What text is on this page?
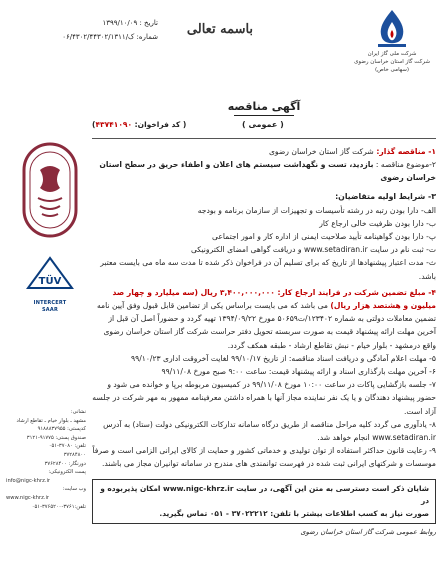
تاریخ : ۱۳۹۹/۱۰/۰۹
شماره: ک/۰۶/۴۳۰۲/۴۴۳۰۲/۱۳۱۱	باسمه تعالی
شرکت ملی گاز ایران
شرکت گاز استان خراسان رضوی
(سهامی خاص)
TÜV
INTERCERT
SAAR
نشانی:
مشهد ـ بلوار خیام ـ تقاطع ارشاد
کدپستی: ۹۱۸۸۸۳۷۹۵۵
صندوق پستی: ۹۱۷۷۵-۳۱۲۱
تلفن: ۳۷۰۸۰-۰۵۱
۳۷۲۸۴۸۰۰
دورنگار: ۳۷۶۲۸۴۰۰
پست الکترونیکی:
info@nigc-khrz.ir
وب سایت:
www.nigc-khrz.ir
تلفن:۳۷۶۱-۳۷۶۵۲۰۰-۰۵۱
آگهی مناقصه
( عمومی )
( کد فراخوان: ۴۳۷۴۱۰۹۰)
۱- مناقصه گذار: شرکت گاز استان خراسان رضوی
۲-موضوع مناقصه : بازدید، تست و نگهداشت سیستم های اعلان و اطفاء حریق در سطح استان خراسان رضوی
۳- شرایط اولیه متقاضیان:
الف- دارا بودن رتبه در رشته تأسیسات و تجهیزات از سازمان برنامه و بودجه
ب- دارا بودن ظرفیت خالی ارجاع کار
پ- دارا بودن گواهینامه تأیید صلاحیت ایمنی از اداره کار و امور اجتماعی
ت- ثبت نام در سایت www.setadiran.ir و دریافت گواهی امضای الکترونیکی
ث- مدت اعتبار پیشنهادها از تاریخ که برای تسلیم آن در فراخوان ذکر شده تا مدت سه ماه می بایست معتبر باشد.
۴- مبلغ تضمین شرکت در فرایند ارجاع کار: ۳,۴۰۰,۰۰۰,۰۰۰ ریال (سه میلیارد و چهار صد میلیون و هشتصد هزار ریال) می باشد که می بایست براساس یکی از تضامین قابل قبول وفق آیین نامه تضمین معاملات دولتی به شماره ۱۲۳۴۰۲/ت۵۰۶۵۹ مورخ ۱۳۹۴/۰۹/۲۲ تهیه گردد و حضوراً اصل آن قبل از آخرین مهلت ارائه پیشنهاد قیمت به صورت سربسته تحویل دفتر حراست شرکت گاز استان خراسان رضوی واقع درمشهد - بلوار خیام - نبش تقاطع ارشاد - طبقه همکف گردد.
۵- مهلت اعلام آمادگی و دریافت اسناد مناقصه: از تاریخ ۹۹/۱۰/۱۷ لغایت آخروقت اداری ۹۹/۱۰/۲۳
۶- آخرین مهلت بارگذاری اسناد و ارائه پیشنهاد قیمت: ساعت ۹:۰۰ صبح مورخ ۹۹/۱۱/۰۸
۷- جلسه بازگشایی پاکات در ساعت ۱۰:۰۰ مورخ ۹۹/۱۱/۰۸ در کمیسیون مربوطه برپا و خوانده می شود و حضور پیشنهاد دهندگان و یا یک نفر نماینده مجاز آنها با همراه داشتن معرفینامه ممهور به مهر شرکت در جلسه آزاد است.
۸- یادآوری می گردد کلیه مراحل مناقصه از طریق درگاه سامانه تدارکات الکترونیکی دولت (ستاد) به آدرس www.setadiran.ir انجام خواهد شد.
۹- رعایت قانون حداکثر استفاده از توان تولیدی و خدماتی کشور و حمایت از کالای ایرانی الزامی است و صرفاً موسسات و شرکتهای ایرانی ثبت شده در فهرست توانمندی های مندرج در سامانه توانیران مجاز می باشند.
شایان ذکر است دسترسی به متن این آگهی، در سایت www.nigc-khrz.ir امکان پذیربوده و در
صورت نیاز به کسب اطلاعات بیشتر با تلفن: ۳۷۰۲۲۲۱۲ - ۰۵۱ تماس بگیرید.
روابط عمومی شرکت گاز استان خراسان رضوی
